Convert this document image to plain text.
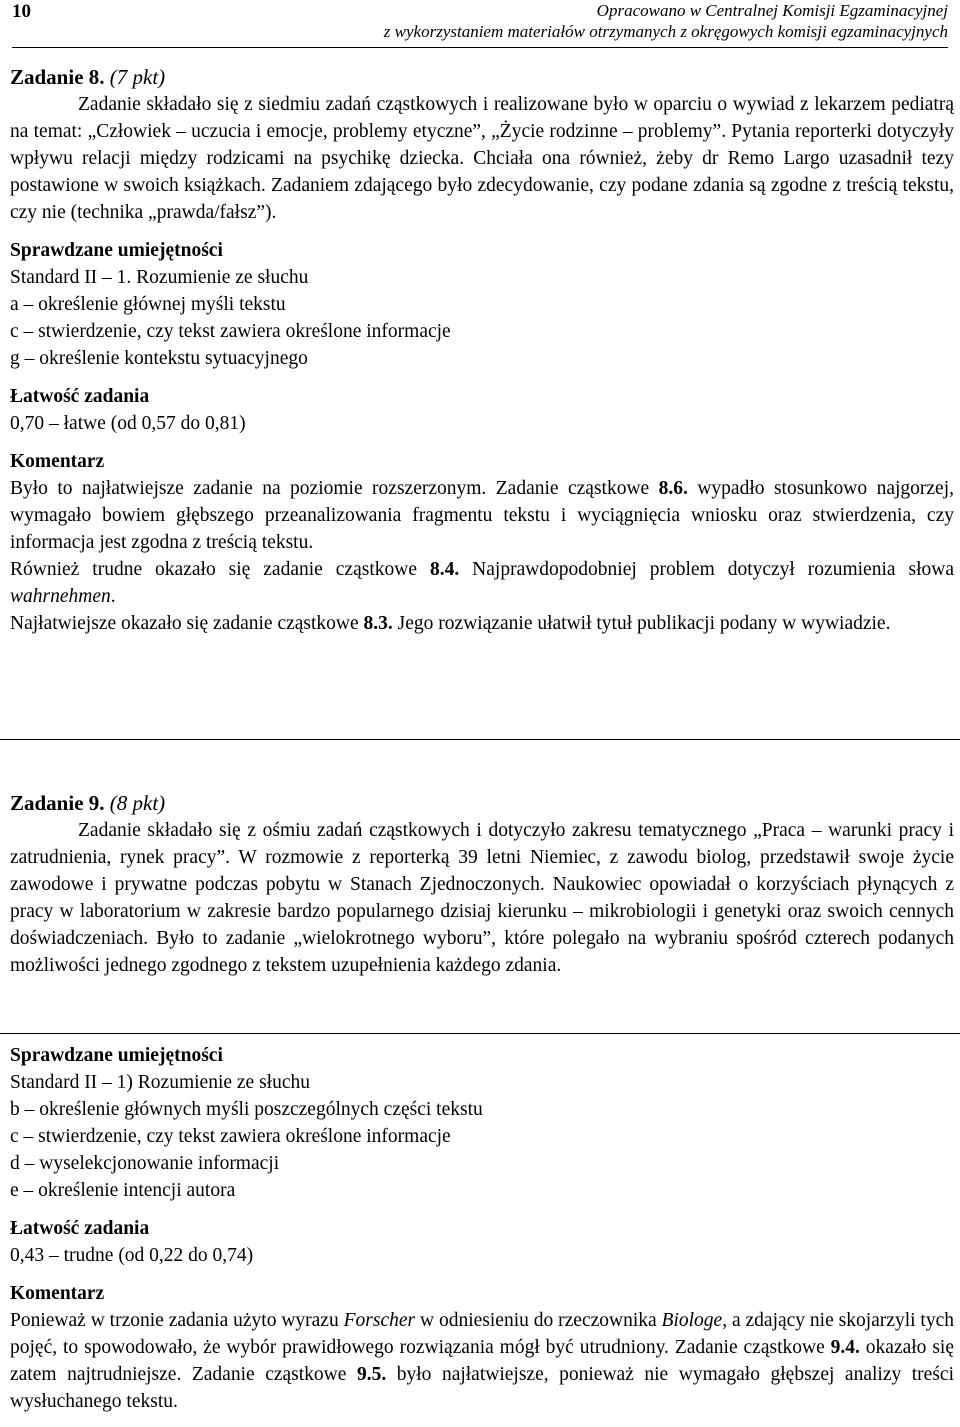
10	Opracowano w Centralnej Komisji Egzaminacyjnej
z wykorzystaniem materiałów otrzymanych z okręgowych komisji egzaminacyjnych
Zadanie 8. (7 pkt)

Zadanie składało się z siedmiu zadań cząstkowych i realizowane było w oparciu o wywiad z lekarzem pediatrą na temat: „Człowiek – uczucia i emocje, problemy etyczne”, „Życie rodzinne – problemy”. Pytania reporterki dotyczyły wpływu relacji między rodzicami na psychikę dziecka. Chciała ona również, żeby dr Remo Largo uzasadnił tezy postawione w swoich książkach. Zadaniem zdającego było zdecydowanie, czy podane zdania są zgodne z treścią tekstu, czy nie (technika „prawda/fałsz”).

Sprawdzane umiejętności
Standard II – 1. Rozumienie ze słuchu
a – określenie głównej myśli tekstu
c – stwierdzenie, czy tekst zawiera określone informacje
g – określenie kontekstu sytuacyjnego
Łatwość zadania
0,70 – łatwe (od 0,57 do 0,81)
Komentarz

Było to najłatwiejsze zadanie na poziomie rozszerzonym. Zadanie cząstkowe 8.6. wypadło stosunkowo najgorzej, wymagało bowiem głębszego przeanalizowania fragmentu tekstu i wyciągnięcia wniosku oraz stwierdzenia, czy informacja jest zgodna z treścią tekstu.

Również trudne okazało się zadanie cząstkowe 8.4. Najprawdopodobniej problem dotyczył rozumienia słowa wahrnehmen.

Najłatwiejsze okazało się zadanie cząstkowe 8.3. Jego rozwiązanie ułatwił tytuł publikacji podany w wywiadzie.

Zadanie 9. (8 pkt)

Zadanie składało się z ośmiu zadań cząstkowych i dotyczyło zakresu tematycznego „Praca – warunki pracy i zatrudnienia, rynek pracy”. W rozmowie z reporterką 39 letni Niemiec, z zawodu biolog, przedstawił swoje życie zawodowe i prywatne podczas pobytu w Stanach Zjednoczonych. Naukowiec opowiadał o korzyściach płynących z pracy w laboratorium w zakresie bardzo popularnego dzisiaj kierunku – mikrobiologii i genetyki oraz swoich cennych doświadczeniach. Było to zadanie „wielokrotnego wyboru”, które polegało na wybraniu spośród czterech podanych możliwości jednego zgodnego z tekstem uzupełnienia każdego zdania.

Sprawdzane umiejętności
Standard II – 1) Rozumienie ze słuchu
b – określenie głównych myśli poszczególnych części tekstu
c – stwierdzenie, czy tekst zawiera określone informacje
d – wyselekcjonowanie informacji
e – określenie intencji autora
Łatwość zadania
0,43 – trudne (od 0,22 do 0,74)
Komentarz

Ponieważ w trzonie zadania użyto wyrazu Forscher w odniesieniu do rzeczownika Biologe, a zdający nie skojarzyli tych pojęć, to spowodowało, że wybór prawidłowego rozwiązania mógł być utrudniony. Zadanie cząstkowe 9.4. okazało się zatem najtrudniejsze. Zadanie cząstkowe 9.5. było najłatwiejsze, ponieważ nie wymagało głębszej analizy treści wysłuchanego tekstu.
